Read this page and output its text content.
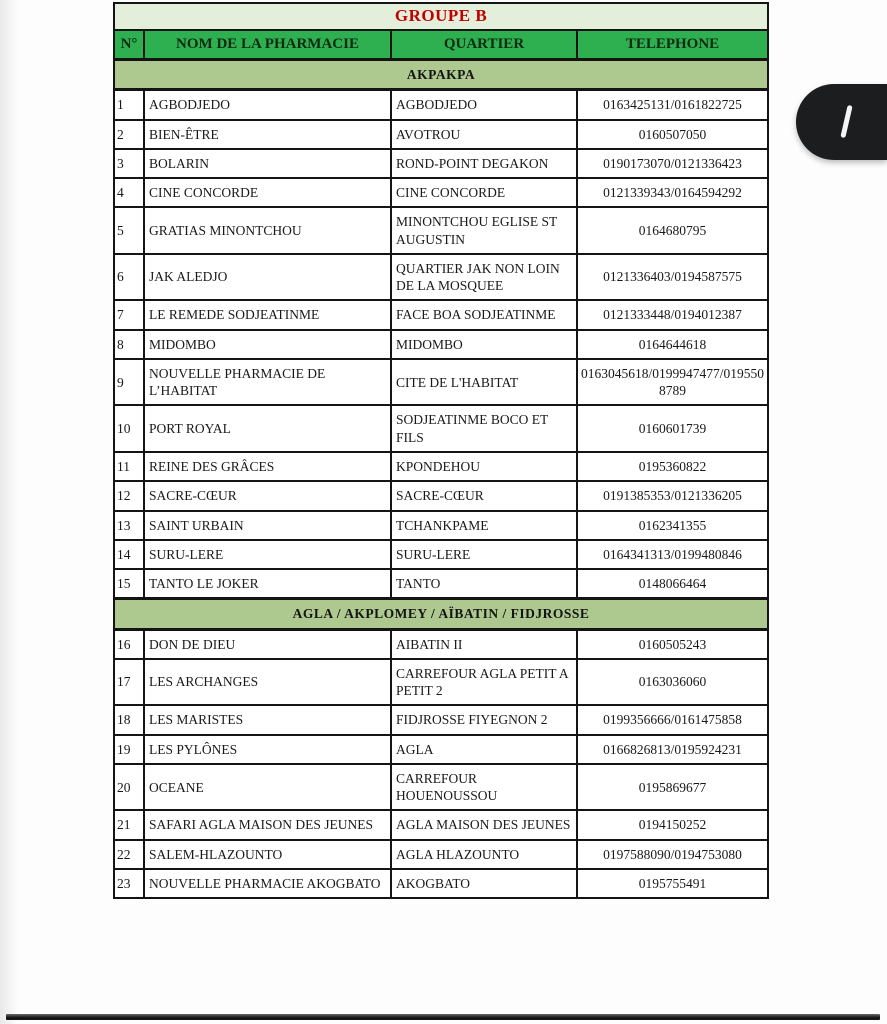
GROUPE B			
N°	NOM DE LA PHARMACIE	QUARTIER	TELEPHONE
AKPAKPA			
1	AGBODJEDO	AGBODJEDO	0163425131/0161822725
2	BIEN-ÊTRE	AVOTROU	0160507050
3	BOLARIN	ROND-POINT DEGAKON	0190173070/0121336423
4	CINE CONCORDE	CINE CONCORDE	0121339343/0164594292
5	GRATIAS MINONTCHOU	MINONTCHOU EGLISE ST AUGUSTIN	0164680795
6	JAK ALEDJO	QUARTIER JAK NON LOIN DE LA MOSQUEE	0121336403/0194587575
7	LE REMEDE SODJEATINME	FACE BOA SODJEATINME	0121333448/0194012387
8	MIDOMBO	MIDOMBO	0164644618
9	NOUVELLE PHARMACIE DE L’HABITAT	CITE DE L'HABITAT	0163045618/0199947477/0195508789
10	PORT ROYAL	SODJEATINME BOCO ET FILS	0160601739
11	REINE DES GRÂCES	KPONDEHOU	0195360822
12	SACRE-CŒUR	SACRE-CŒUR	0191385353/0121336205
13	SAINT URBAIN	TCHANKPAME	0162341355
14	SURU-LERE	SURU-LERE	0164341313/0199480846
15	TANTO LE JOKER	TANTO	0148066464
AGLA / AKPLOMEY / AÏBATIN / FIDJROSSE			
16	DON DE DIEU	AIBATIN II	0160505243
17	LES ARCHANGES	CARREFOUR AGLA PETIT A PETIT 2	0163036060
18	LES MARISTES	FIDJROSSE FIYEGNON 2	0199356666/0161475858
19	LES PYLÔNES	AGLA	0166826813/0195924231
20	OCEANE	CARREFOUR HOUENOUSSOU	0195869677
21	SAFARI AGLA MAISON DES JEUNES	AGLA MAISON DES JEUNES	0194150252
22	SALEM-HLAZOUNTO	AGLA HLAZOUNTO	0197588090/0194753080
23	NOUVELLE PHARMACIE AKOGBATO	AKOGBATO	0195755491
